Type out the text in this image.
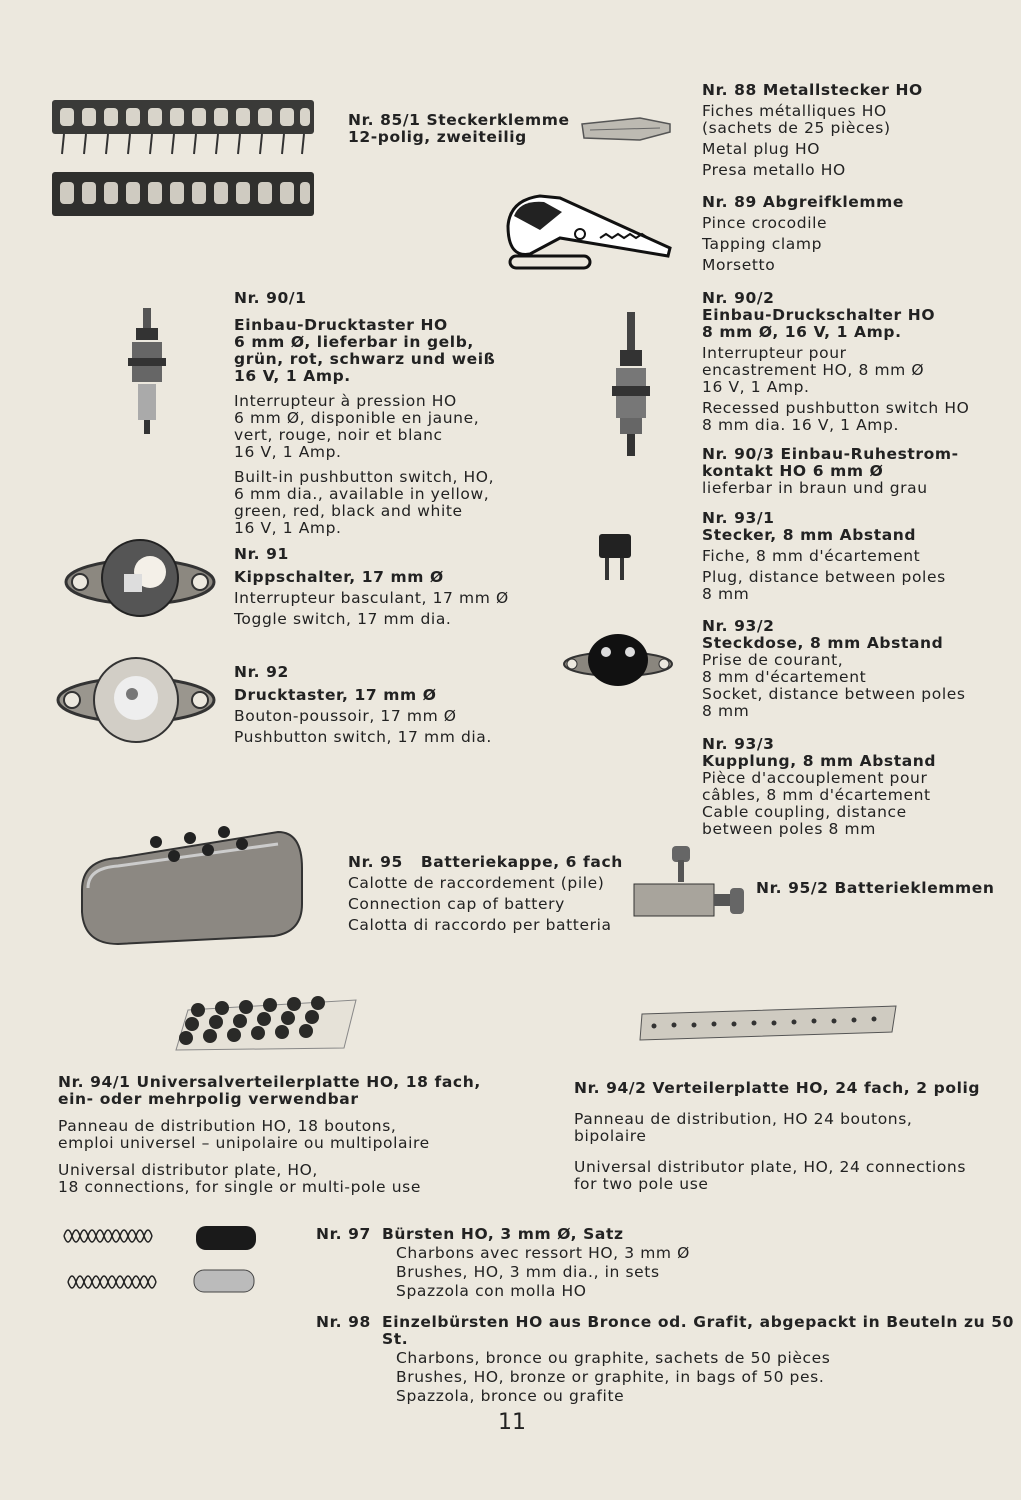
Nr. 85/1 Steckerklemme
12-polig, zweiteilig
Nr. 88 Metallstecker HO
Fiches métalliques HO
(sachets de 25 pièces)
Metal plug HO
Presa metallo HO
Nr. 89 Abgreifklemme
Pince crocodile
Tapping clamp
Morsetto
Nr. 90/1
Einbau-Drucktaster HO
6 mm Ø, lieferbar in gelb,
grün, rot, schwarz und weiß
16 V, 1 Amp.
Interrupteur à pression HO
6 mm Ø, disponible en jaune,
vert, rouge, noir et blanc
16 V, 1 Amp.
Built-in pushbutton switch, HO,
6 mm dia., available in yellow,
green, red, black and white
16 V, 1 Amp.
Nr. 90/2
Einbau-Druckschalter HO
8 mm Ø, 16 V, 1 Amp.
Interrupteur pour
encastrement HO, 8 mm Ø
16 V, 1 Amp.
Recessed pushbutton switch HO
8 mm dia. 16 V, 1 Amp.
Nr. 90/3 Einbau-Ruhestrom-
kontakt HO 6 mm Ø
lieferbar in braun und grau
Nr. 93/1
Stecker, 8 mm Abstand
Fiche, 8 mm d'écartement
Plug, distance between poles
8 mm
Nr. 91
Kippschalter, 17 mm Ø
Interrupteur basculant, 17 mm Ø
Toggle switch, 17 mm dia.	Nr. 93/2
Steckdose, 8 mm Abstand
Prise de courant,
8 mm d'écartement
Socket, distance between poles
8 mm
Nr. 92
Drucktaster, 17 mm Ø
Bouton-poussoir, 17 mm Ø
Pushbutton switch, 17 mm dia.	Nr. 93/3
Kupplung, 8 mm Abstand
Pièce d'accouplement pour
câbles, 8 mm d'écartement
Cable coupling, distance
between poles 8 mm
Nr. 95   Batteriekappe, 6 fach
Calotte de raccordement (pile)
Connection cap of battery
Calotta di raccordo per batteria
Nr. 95/2 Batterieklemmen
Nr. 94/1 Universalverteilerplatte HO, 18 fach,
ein- oder mehrpolig verwendbar
Panneau de distribution HO, 18 boutons,
emploi universel – unipolaire ou multipolaire
Universal distributor plate, HO,
18 connections, for single or multi-pole use
Nr. 94/2 Verteilerplatte HO, 24 fach, 2 polig
Panneau de distribution, HO 24 boutons,
bipolaire
Universal distributor plate, HO, 24 connections
for two pole use
Nr. 97 Bürsten HO, 3 mm Ø, Satz
Charbons avec ressort HO, 3 mm Ø
Brushes, HO, 3 mm dia., in sets
Spazzola con molla HO
Nr. 98 Einzelbürsten HO aus Bronce od. Grafit, abgepackt in Beuteln zu 50 St.
Charbons, bronce ou graphite, sachets de 50 pièces
Brushes, HO, bronze or graphite, in bags of 50 pes.
Spazzola, bronce ou grafite
11
